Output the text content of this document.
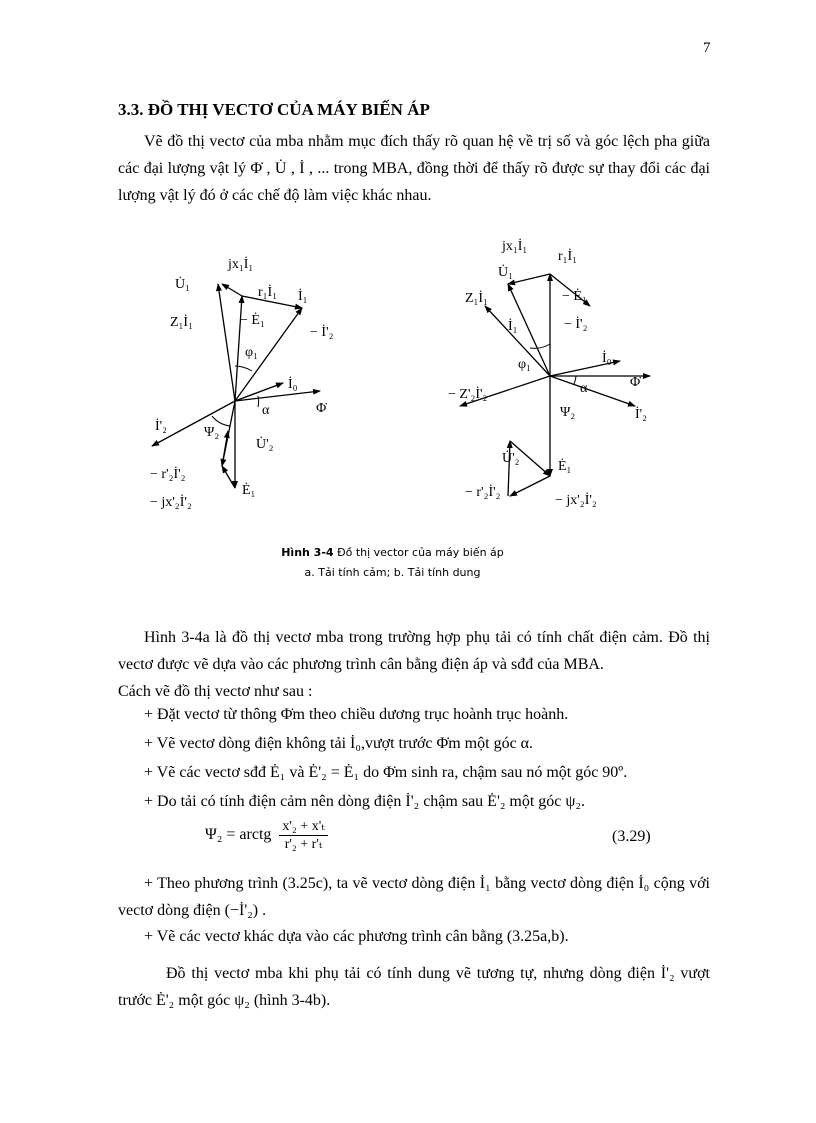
7
3.3. ĐỒ THỊ VECTƠ CỦA MÁY BIẾN ÁP
Vẽ đồ thị vectơ của mba nhằm mục đích thấy rõ quan hệ về trị số và góc lệch pha giữa các đại lượng vật lý Φ̇ , U̇ , İ , ... trong MBA, đồng thời để thấy rõ được sự thay đổi các đại lượng vật lý đó ở các chế độ làm việc khác nhau.
jx₁İ₁
U̇₁
r₁İ₁ İ₁
Z₁İ₁	− Ė₁
− İ'₂
φ₁
İ₀
Φ̇
α
İ'₂	Ψ₂
U̇'₂
− r'₂İ'₂
Ė₁
− jx'₂İ'₂
jx₁İ₁
r₁İ₁
U̇₁
Z₁İ₁	− Ė₁
İ₁	− İ'₂
φ₁	İ₀
Φ̇
− Z'₂İ'₂	α
Ψ₂	İ'₂
U̇'₂
Ė₁
− r'₂İ'₂
− jx'₂İ'₂
Hình 3-4 Đồ thị vector của máy biến áp
a. Tải tính cảm; b. Tải tính dung
Hình 3-4a là đồ thị vectơ mba trong trường hợp phụ tải có tính chất điện cảm. Đồ thị vectơ được vẽ dựa vào các phương trình cân bằng điện áp và sđđ của MBA.
Cách vẽ đồ thị vectơ như sau :
+ Đặt vectơ từ thông Φ̇m theo chiều dương trục hoành trục hoành.
+ Vẽ vectơ dòng điện không tải İ₀,vượt trước Φ̇m một góc α.
+ Vẽ các vectơ sđđ Ė₁ và Ė'₂ = Ė₁ do Φ̇m sinh ra, chậm sau nó một góc 90º.
+ Do tải có tính điện cảm nên dòng điện İ'₂ chậm sau Ė'₂ một góc ψ₂.
Ψ₂ = arctg $\frac{\text{x'₂ + x'ₜ}}{\text{r'₂ + r'ₜ}}$	(3.29)
+ Theo phương trình (3.25c), ta vẽ vectơ dòng điện İ₁ bằng vectơ dòng điện İ₀ cộng với vectơ dòng điện (−İ'₂) .
+ Vẽ các vectơ khác dựa vào các phương trình cân bằng (3.25a,b).
Đồ thị vectơ mba khi phụ tải có tính dung vẽ tương tự, nhưng dòng điện İ'₂ vượt trước Ė'₂ một góc ψ₂ (hình 3-4b).
